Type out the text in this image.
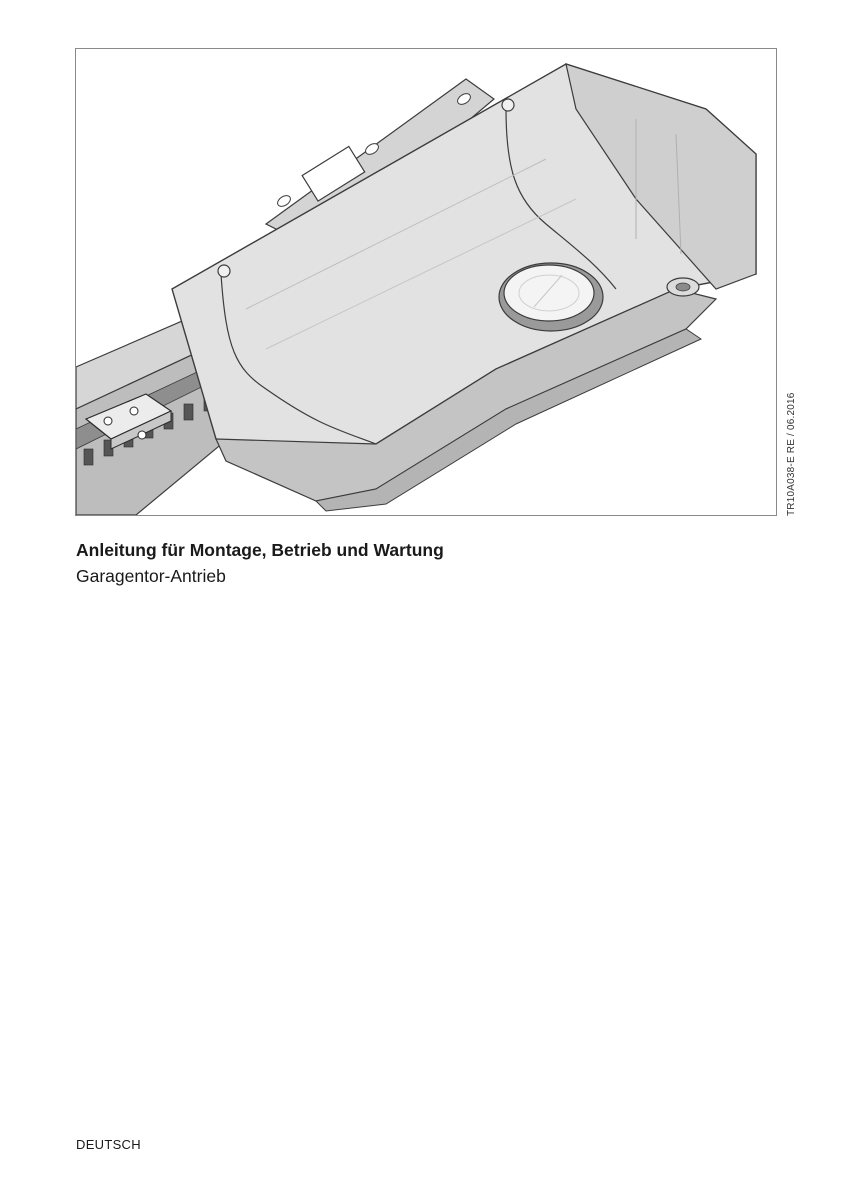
TR10A038-E RE / 06.2016
Anleitung für Montage, Betrieb und Wartung

Garagentor-Antrieb

DEUTSCH
